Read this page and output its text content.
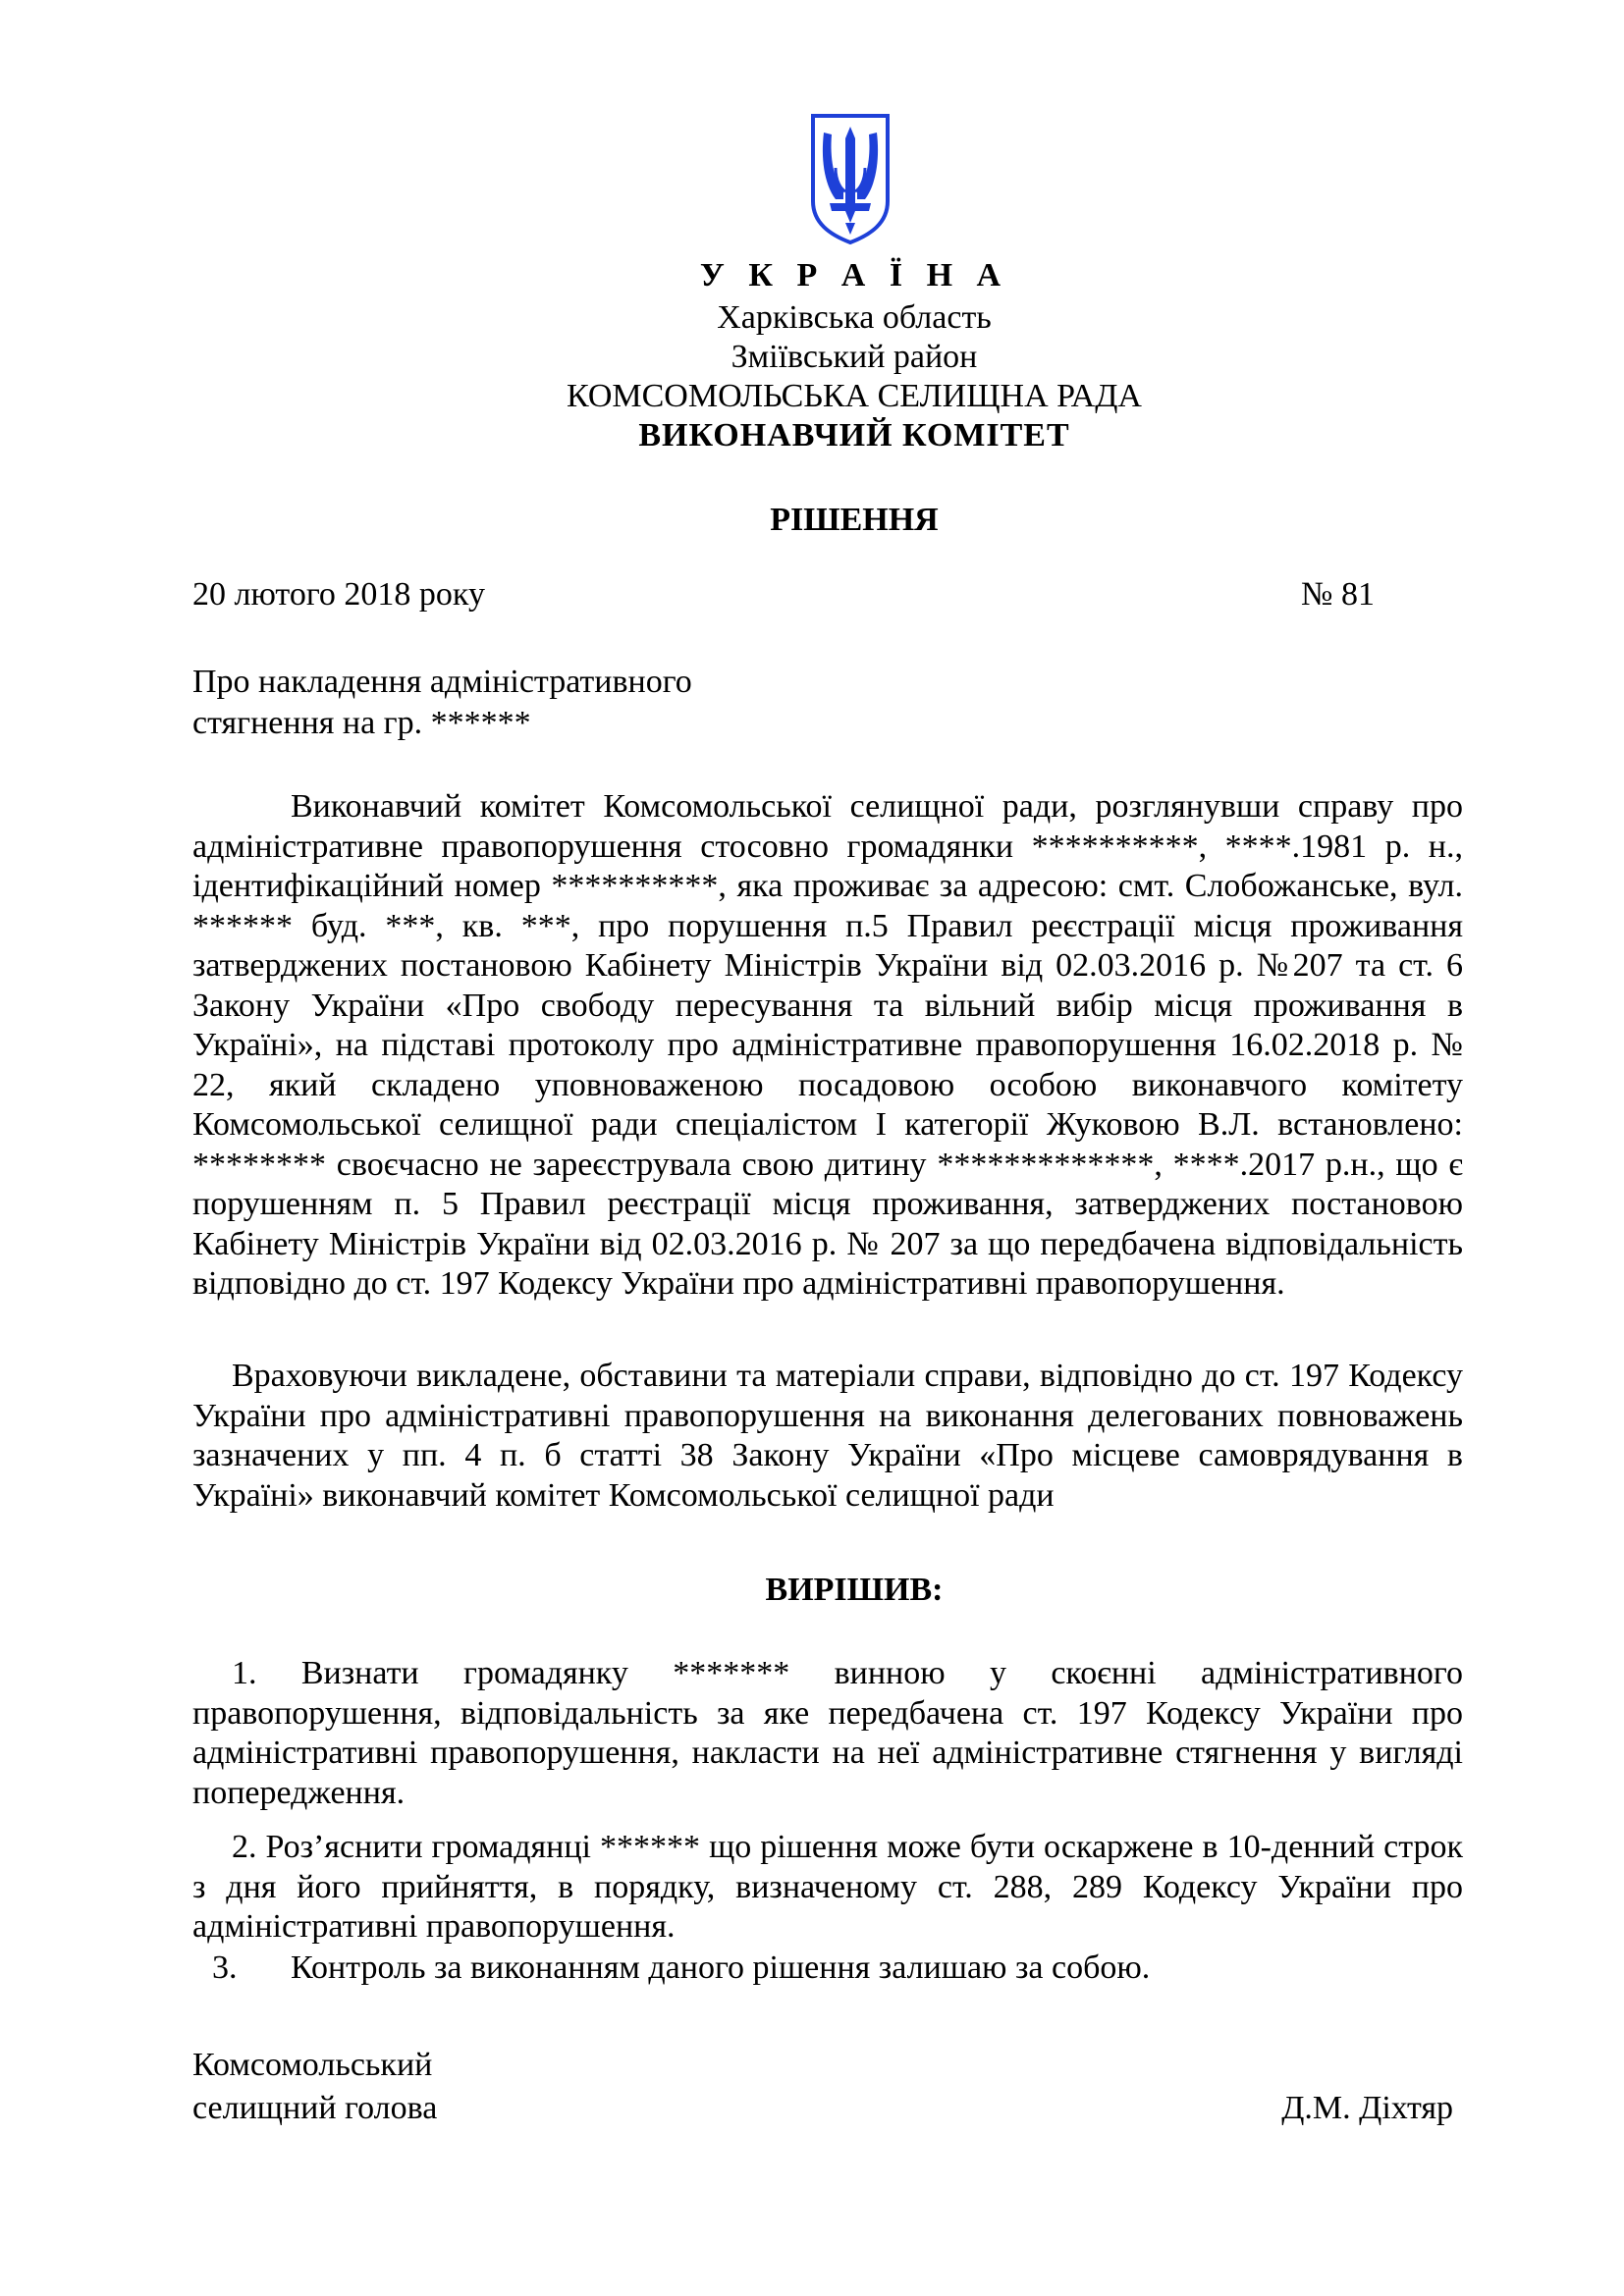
У К Р А Ї Н А
Харківська область
Зміївський район
КОМСОМОЛЬСЬКА СЕЛИЩНА РАДА
ВИКОНАВЧИЙ КОМІТЕТ
РІШЕННЯ
20 лютого 2018 року	№ 81
Про накладення адміністративного
стягнення на гр. ******
Виконавчий комітет Комсомольської селищної ради, розглянувши справу про адміністративне правопорушення стосовно громадянки **********, ****.1981 р. н., ідентифікаційний номер **********, яка проживає за адресою: смт. Слобожанське, вул. ****** буд. ***, кв. ***, про порушення п.5 Правил реєстрації місця проживання затверджених постановою Кабінету Міністрів України від 02.03.2016 р. №207 та ст. 6 Закону України «Про свободу пересування та вільний вибір місця проживання в Україні», на підставі протоколу про адміністративне правопорушення 16.02.2018 р. № 22, який складено уповноваженою посадовою особою виконавчого комітету Комсомольської селищної ради спеціалістом І категорії Жуковою В.Л. встановлено: ******** своєчасно не зареєструвала свою дитину *************, ****.2017 р.н., що є порушенням п. 5 Правил реєстрації місця проживання, затверджених постановою Кабінету Міністрів України від 02.03.2016 р. № 207 за що передбачена відповідальність відповідно до ст. 197 Кодексу України про адміністративні правопорушення.
Враховуючи викладене, обставини та матеріали справи, відповідно до ст. 197 Кодексу України про адміністративні правопорушення на виконання делегованих повноважень зазначених у пп. 4 п. б статті 38 Закону України «Про місцеве самоврядування в Україні» виконавчий комітет Комсомольської селищної ради
ВИРІШИВ:
1. Визнати громадянку ******* винною у скоєнні адміністративного правопорушення, відповідальність за яке передбачена ст. 197 Кодексу України про адміністративні правопорушення, накласти на неї адміністративне стягнення у вигляді попередження.
2. Роз’яснити громадянці ****** що рішення може бути оскаржене в 10-денний строк з дня його прийняття, в порядку, визначеному ст. 288, 289 Кодексу України про адміністративні правопорушення.
3. Контроль за виконанням даного рішення залишаю за собою.
Комсомольський
селищний голова	Д.М. Діхтяр
